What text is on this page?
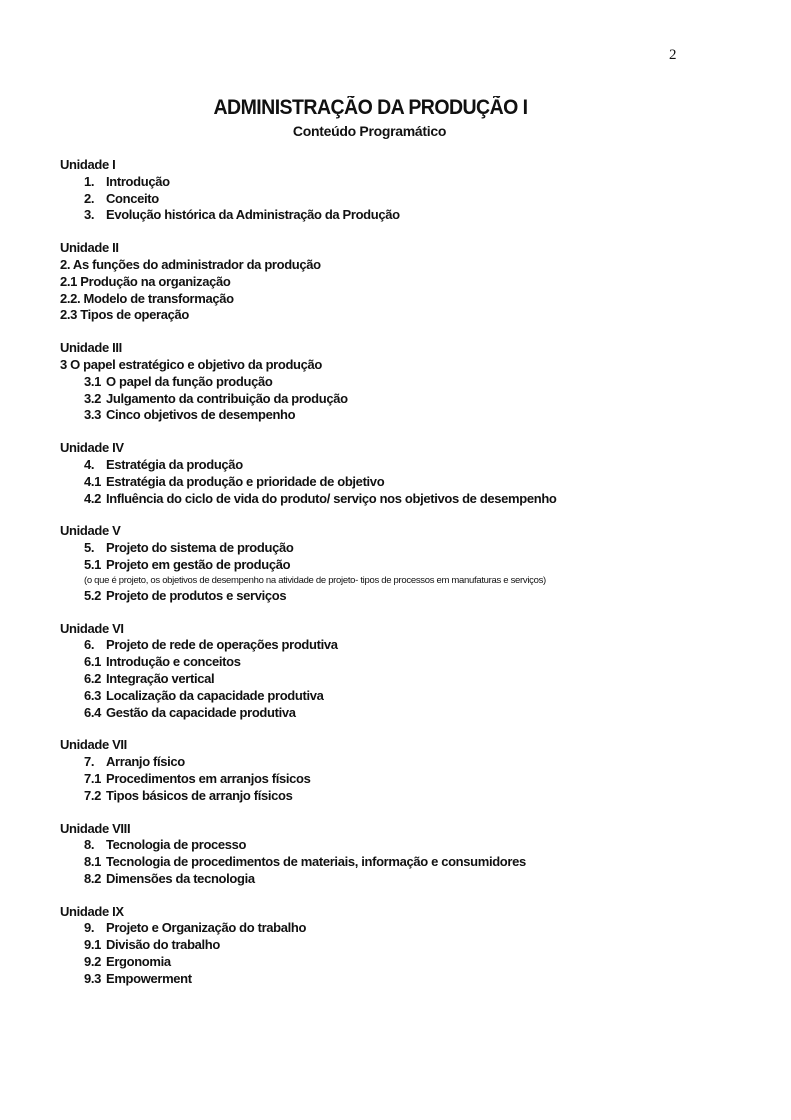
2
ADMINISTRAÇÃO DA PRODUÇÃO I
Conteúdo Programático
Unidade I
1. Introdução
2. Conceito
3. Evolução histórica da Administração da Produção
Unidade II
2. As funções do administrador da produção
2.1 Produção na organização
2.2. Modelo de transformação
2.3 Tipos de operação
Unidade III
3 O papel estratégico e objetivo da produção
3.1 O papel da função produção
3.2 Julgamento da contribuição da produção
3.3 Cinco objetivos de desempenho
Unidade IV
4. Estratégia da produção
4.1 Estratégia da produção e prioridade de objetivo
4.2 Influência do ciclo de vida do produto/ serviço nos objetivos de desempenho
Unidade V
5. Projeto do sistema de produção
5.1 Projeto em gestão de produção
(o que é projeto, os objetivos de desempenho na atividade de projeto- tipos de processos em manufaturas e serviços)
5.2 Projeto de produtos e serviços
Unidade VI
6. Projeto de rede de operações produtiva
6.1 Introdução e conceitos
6.2 Integração vertical
6.3 Localização da capacidade produtiva
6.4 Gestão da capacidade produtiva
Unidade VII
7. Arranjo físico
7.1 Procedimentos em arranjos físicos
7.2 Tipos básicos de arranjo físicos
Unidade VIII
8. Tecnologia de processo
8.1 Tecnologia de procedimentos de materiais, informação e consumidores
8.2 Dimensões da tecnologia
Unidade IX
9. Projeto e Organização do trabalho
9.1 Divisão do trabalho
9.2 Ergonomia
9.3 Empowerment
